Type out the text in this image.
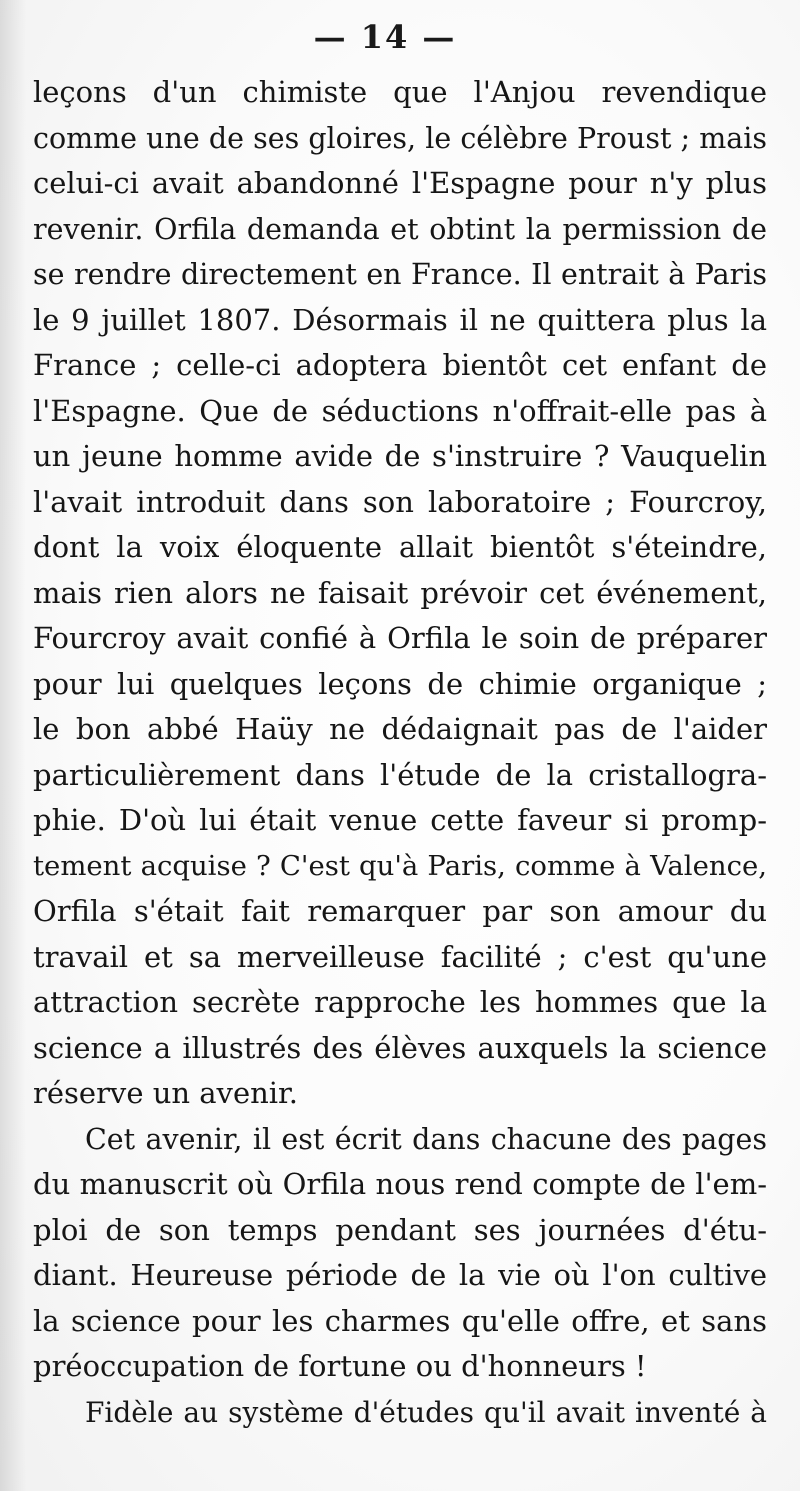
— 14 —

leçons d'un chimiste que l'Anjou revendique
comme une de ses gloires, le célèbre Proust ; mais
celui-ci avait abandonné l'Espagne pour n'y plus
revenir. Orfila demanda et obtint la permission de
se rendre directement en France. Il entrait à Paris
le 9 juillet 1807. Désormais il ne quittera plus la
France ; celle-ci adoptera bientôt cet enfant de
l'Espagne. Que de séductions n'offrait-elle pas à
un jeune homme avide de s'instruire ? Vauquelin
l'avait introduit dans son laboratoire ; Fourcroy,
dont la voix éloquente allait bientôt s'éteindre,
mais rien alors ne faisait prévoir cet événement,
Fourcroy avait confié à Orfila le soin de préparer
pour lui quelques leçons de chimie organique ;
le bon abbé Haüy ne dédaignait pas de l'aider
particulièrement dans l'étude de la cristallogra-
phie. D'où lui était venue cette faveur si promp-
tement acquise ? C'est qu'à Paris, comme à Valence,
Orfila s'était fait remarquer par son amour du
travail et sa merveilleuse facilité ; c'est qu'une
attraction secrète rapproche les hommes que la
science a illustrés des élèves auxquels la science
réserve un avenir.
Cet avenir, il est écrit dans chacune des pages
du manuscrit où Orfila nous rend compte de l'em-
ploi de son temps pendant ses journées d'étu-
diant. Heureuse période de la vie où l'on cultive
la science pour les charmes qu'elle offre, et sans
préoccupation de fortune ou d'honneurs !
Fidèle au système d'études qu'il avait inventé à
